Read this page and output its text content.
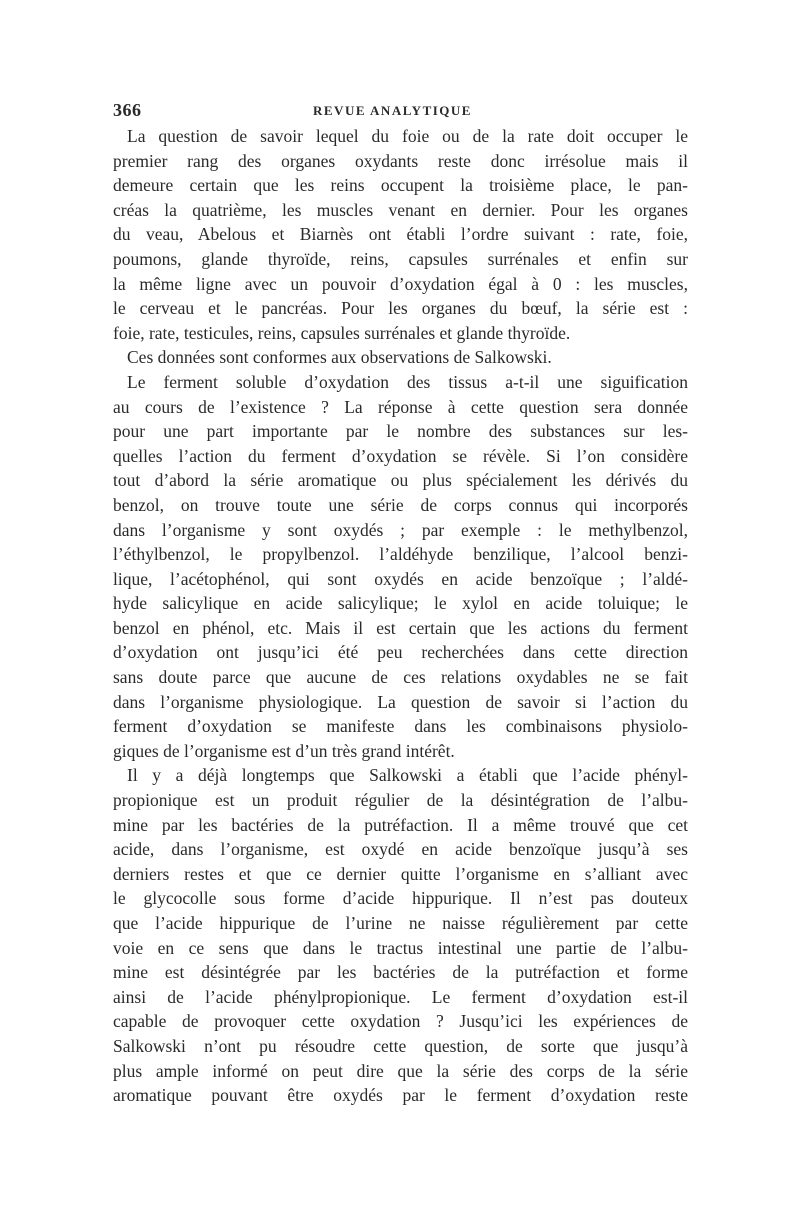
366	REVUE ANALYTIQUE
La question de savoir lequel du foie ou de la rate doit occuper le
premier rang des organes oxydants reste donc irrésolue mais il
demeure certain que les reins occupent la troisième place, le pan-
créas la quatrième, les muscles venant en dernier. Pour les organes
du veau, Abelous et Biarnès ont établi l’ordre suivant : rate, foie,
poumons, glande thyroïde, reins, capsules surrénales et enfin sur
la même ligne avec un pouvoir d’oxydation égal à 0 : les muscles,
le cerveau et le pancréas. Pour les organes du bœuf, la série est :
foie, rate, testicules, reins, capsules surrénales et glande thyroïde.
Ces données sont conformes aux observations de Salkowski.
Le ferment soluble d’oxydation des tissus a-t-il une siguification
au cours de l’existence ? La réponse à cette question sera donnée
pour une part importante par le nombre des substances sur les-
quelles l’action du ferment d’oxydation se révèle. Si l’on considère
tout d’abord la série aromatique ou plus spécialement les dérivés du
benzol, on trouve toute une série de corps connus qui incorporés
dans l’organisme y sont oxydés ; par exemple : le methylbenzol,
l’éthylbenzol, le propylbenzol. l’aldéhyde benzilique, l’alcool benzi-
lique, l’acétophénol, qui sont oxydés en acide benzoïque ; l’aldé-
hyde salicylique en acide salicylique; le xylol en acide toluique; le
benzol en phénol, etc. Mais il est certain que les actions du ferment
d’oxydation ont jusqu’ici été peu recherchées dans cette direction
sans doute parce que aucune de ces relations oxydables ne se fait
dans l’organisme physiologique. La question de savoir si l’action du
ferment d’oxydation se manifeste dans les combinaisons physiolo-
giques de l’organisme est d’un très grand intérêt.
Il y a déjà longtemps que Salkowski a établi que l’acide phényl-
propionique est un produit régulier de la désintégration de l’albu-
mine par les bactéries de la putréfaction. Il a même trouvé que cet
acide, dans l’organisme, est oxydé en acide benzoïque jusqu’à ses
derniers restes et que ce dernier quitte l’organisme en s’alliant avec
le glycocolle sous forme d’acide hippurique. Il n’est pas douteux
que l’acide hippurique de l’urine ne naisse régulièrement par cette
voie en ce sens que dans le tractus intestinal une partie de l’albu-
mine est désintégrée par les bactéries de la putréfaction et forme
ainsi de l’acide phénylpropionique. Le ferment d’oxydation est-il
capable de provoquer cette oxydation ? Jusqu’ici les expériences de
Salkowski n’ont pu résoudre cette question, de sorte que jusqu’à
plus ample informé on peut dire que la série des corps de la série
aromatique pouvant être oxydés par le ferment d’oxydation reste
